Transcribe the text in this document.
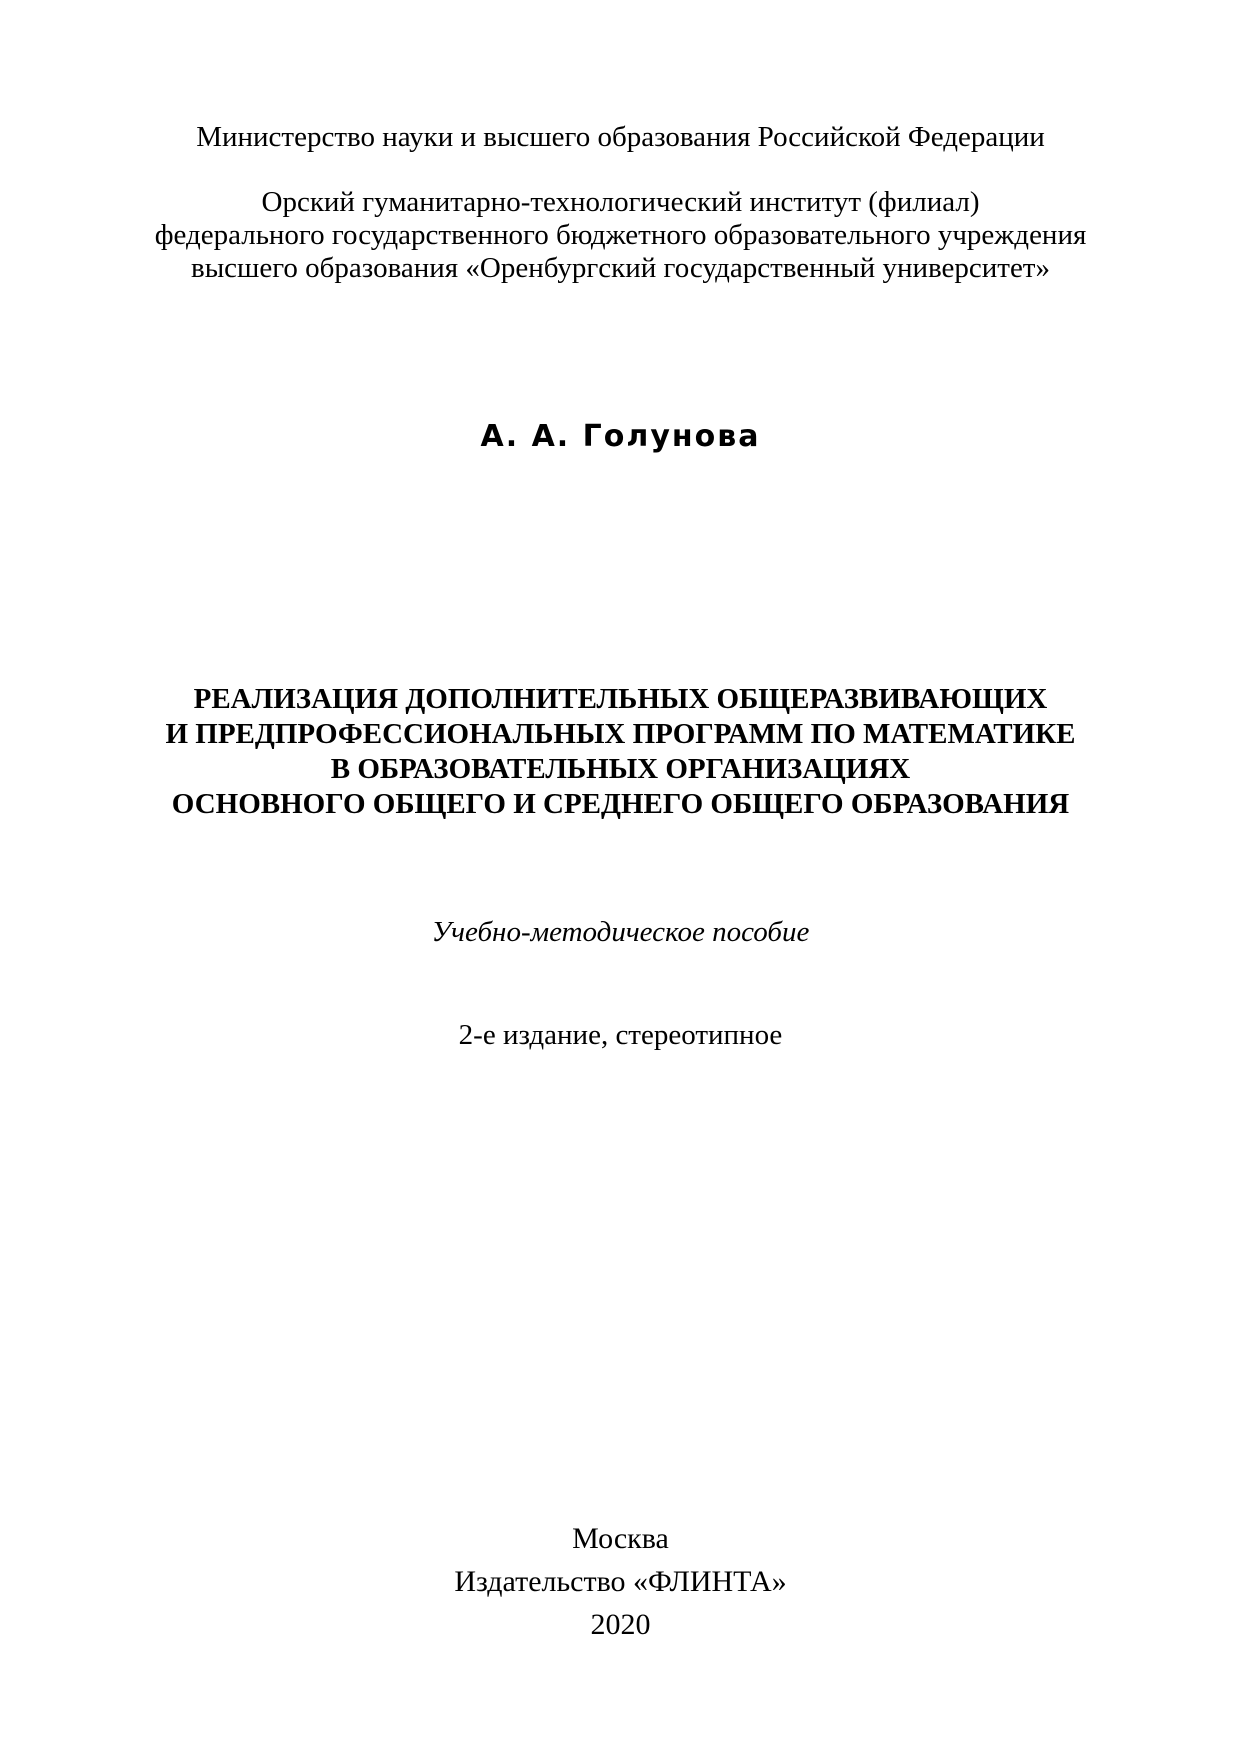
Министерство науки и высшего образования Российской Федерации
Орский гуманитарно-технологический институт (филиал)
федерального государственного бюджетного образовательного учреждения
высшего образования «Оренбургский государственный университет»
А. А. Голунова
РЕАЛИЗАЦИЯ ДОПОЛНИТЕЛЬНЫХ ОБЩЕРАЗВИВАЮЩИХ
И ПРЕДПРОФЕССИОНАЛЬНЫХ ПРОГРАММ ПО МАТЕМАТИКЕ
В ОБРАЗОВАТЕЛЬНЫХ ОРГАНИЗАЦИЯХ
ОСНОВНОГО ОБЩЕГО И СРЕДНЕГО ОБЩЕГО ОБРАЗОВАНИЯ
Учебно-методическое пособие
2-е издание, стереотипное
Москва
Издательство «ФЛИНТА»
2020
